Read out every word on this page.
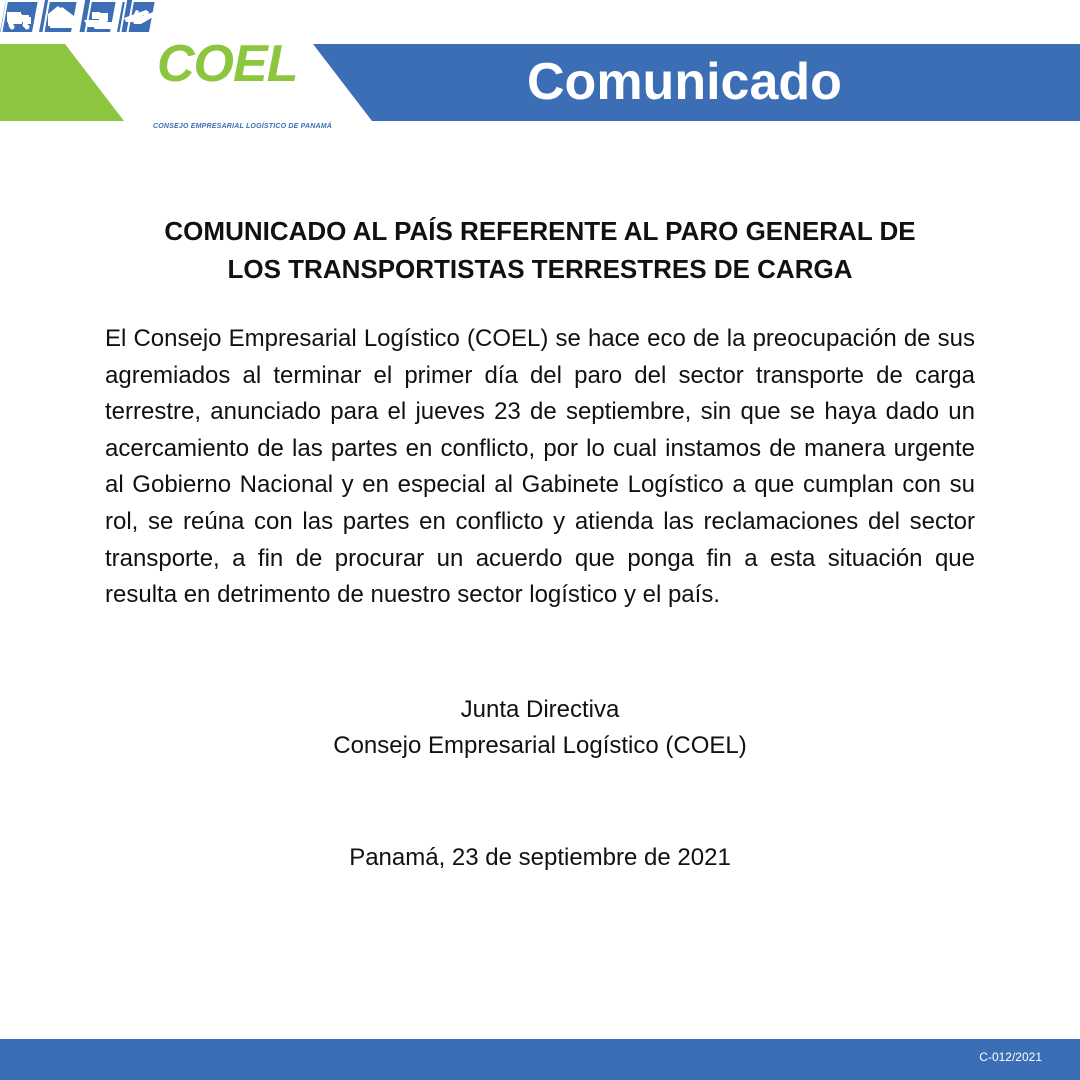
COEL
CONSEJO EMPRESARIAL LOGÍSTICO DE PANAMÁ
Comunicado
COMUNICADO AL PAÍS REFERENTE AL PARO GENERAL DE
LOS TRANSPORTISTAS TERRESTRES DE CARGA
El Consejo Empresarial Logístico (COEL) se hace eco de la preocupación de sus agremiados al terminar el primer día del paro del sector transporte de carga terrestre, anunciado para el jueves 23 de septiembre, sin que se haya dado un acercamiento de las partes en conflicto, por lo cual instamos de manera urgente al Gobierno Nacional y en especial al Gabinete Logístico a que cumplan con su rol, se reúna con las partes en conflicto y atienda las reclamaciones del sector transporte, a fin de procurar un acuerdo que ponga fin a esta situación que resulta en detrimento de nuestro sector logístico y el país.
Junta Directiva
Consejo Empresarial Logístico (COEL)
Panamá, 23 de septiembre de 2021
C-012/2021
